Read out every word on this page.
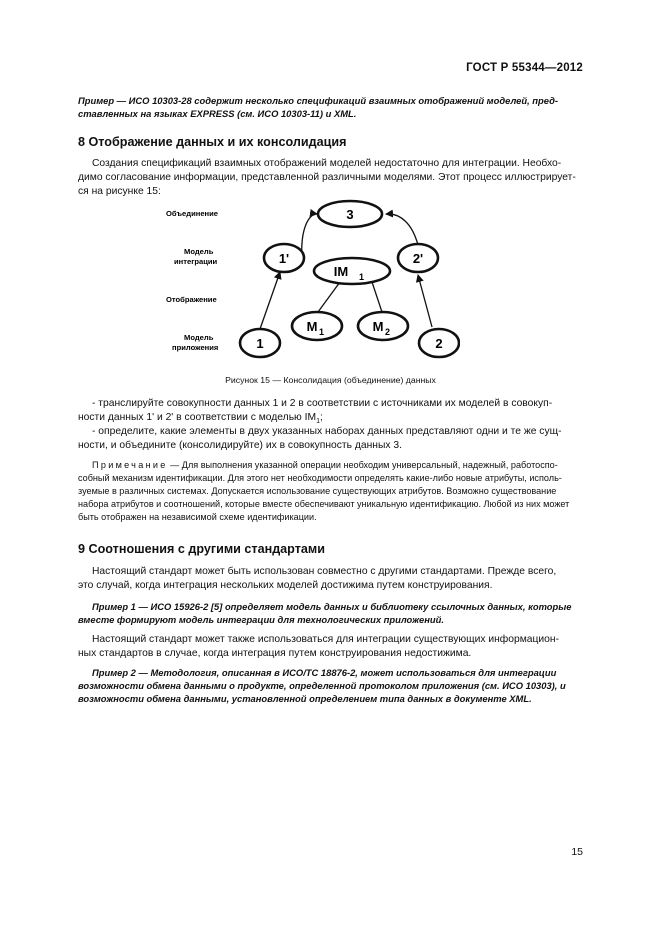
ГОСТ Р 55344—2012
Пример — ИСО 10303-28 содержит несколько спецификаций взаимных отображений моделей, пред-
ставленных на языках EXPRESS (см. ИСО 10303-11) и XML.
8 Отображение данных и их консолидация
Создания спецификаций взаимных отображений моделей недостаточно для интеграции. Необхо-
димо согласование информации, представленной различными моделями. Этот процесс иллюстрирует-
ся на рисунке 15:
Объединение
Модель
интеграции
Отображение
Модель
приложения
3
1'	2'
IM 1
M 1	M 2
1	2
Рисунок 15 — Консолидация (объединение) данных
- транслируйте совокупности данных 1 и 2 в соответствии с источниками их моделей в совокуп-
ности данных 1' и 2' в соответствии с моделью $IM_1$;
- определите, какие элементы в двух указанных наборах данных представляют одни и те же сущ-
ности, и объедините (консолидируйте) их в совокупность данных 3.
Примечание — Для выполнения указанной операции необходим универсальный, надежный, работоспо-
собный механизм идентификации. Для этого нет необходимости определять какие-либо новые атрибуты, исполь-
зуемые в различных системах. Допускается использование существующих атрибутов. Возможно существование
набора атрибутов и соотношений, которые вместе обеспечивают уникальную идентификацию. Любой из них может
быть отображен на независимой схеме идентификации.
9 Соотношения с другими стандартами
Настоящий стандарт может быть использован совместно с другими стандартами. Прежде всего,
это случай, когда интеграция нескольких моделей достижима путем конструирования.
Пример 1 — ИСО 15926-2 [5] определяет модель данных и библиотеку ссылочных данных, которые
вместе формируют модель интеграции для технологических приложений.
Настоящий стандарт может также использоваться для интеграции существующих информацион-
ных стандартов в случае, когда интеграция путем конструирования недостижима.
Пример 2 — Методология, описанная в ИСО/ТС 18876-2, может использоваться для интеграции
возможности обмена данными о продукте, определенной протоколом приложения (см. ИСО 10303), и
возможности обмена данными, установленной определением типа данных в документе XML.
15
